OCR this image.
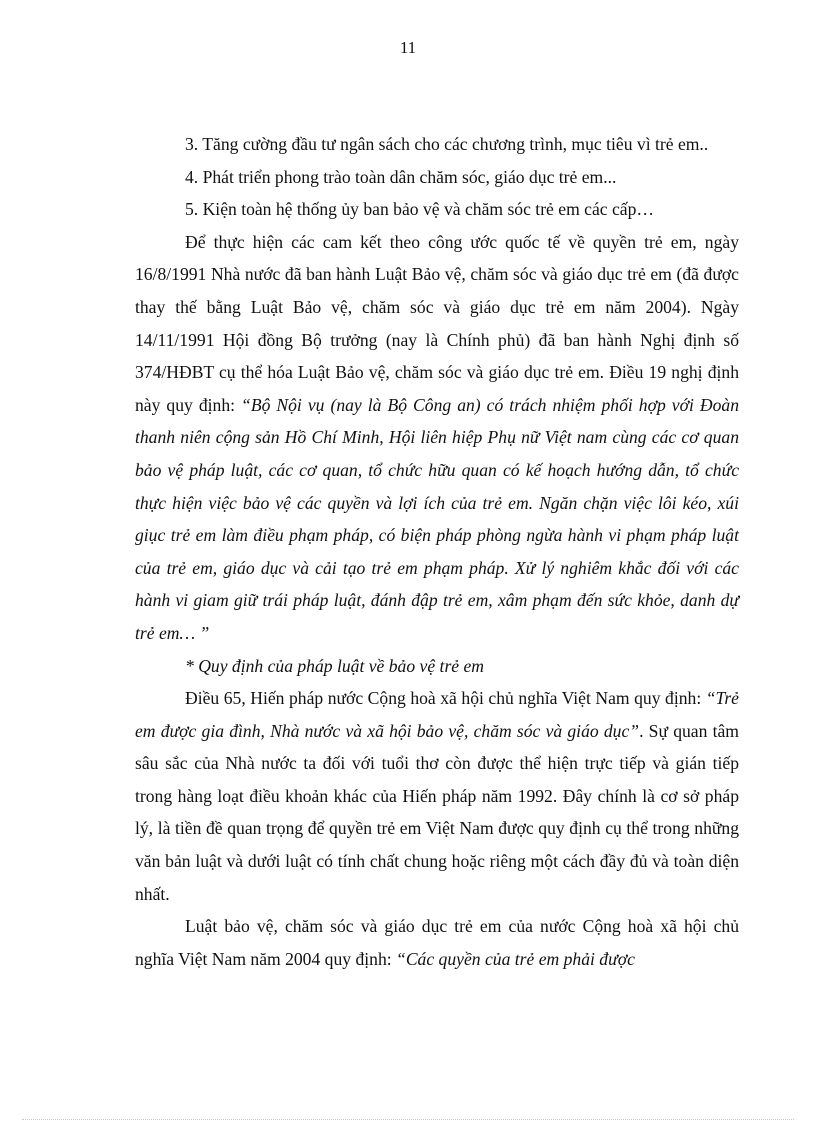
11

3. Tăng cường đầu tư ngân sách cho các chương trình, mục tiêu vì trẻ em..

4. Phát triển phong trào toàn dân chăm sóc, giáo dục trẻ em...

5. Kiện toàn hệ thống ủy ban bảo vệ và chăm sóc trẻ em các cấp…

Để thực hiện các cam kết theo công ước quốc tế về quyền trẻ em, ngày 16/8/1991 Nhà nước đã ban hành Luật Bảo vệ, chăm sóc và giáo dục trẻ em (đã được thay thế bằng Luật Bảo vệ, chăm sóc và giáo dục trẻ em năm 2004). Ngày 14/11/1991 Hội đồng Bộ trưởng (nay là Chính phủ) đã ban hành Nghị định số 374/HĐBT cụ thể hóa Luật Bảo vệ, chăm sóc và giáo dục trẻ em. Điều 19 nghị định này quy định: “Bộ Nội vụ (nay là Bộ Công an) có trách nhiệm phối hợp với Đoàn thanh niên cộng sản Hồ Chí Minh, Hội liên hiệp Phụ nữ Việt nam cùng các cơ quan bảo vệ pháp luật, các cơ quan, tổ chức hữu quan có kế hoạch hướng dẫn, tổ chức thực hiện việc bảo vệ các quyền và lợi ích của trẻ em. Ngăn chặn việc lôi kéo, xúi giục trẻ em làm điều phạm pháp, có biện pháp phòng ngừa hành vi phạm pháp luật của trẻ em, giáo dục và cải tạo trẻ em phạm pháp. Xử lý nghiêm khắc đối với các hành vi giam giữ trái pháp luật, đánh đập trẻ em, xâm phạm đến sức khỏe, danh dự trẻ em… ”

* Quy định của pháp luật về bảo vệ trẻ em

Điều 65, Hiến pháp nước Cộng hoà xã hội chủ nghĩa Việt Nam quy định: “Trẻ em được gia đình, Nhà nước và xã hội bảo vệ, chăm sóc và giáo dục”. Sự quan tâm sâu sắc của Nhà nước ta đối với tuổi thơ còn được thể hiện trực tiếp và gián tiếp trong hàng loạt điều khoản khác của Hiến pháp năm 1992. Đây chính là cơ sở pháp lý, là tiền đề quan trọng để quyền trẻ em Việt Nam được quy định cụ thể trong những văn bản luật và dưới luật có tính chất chung hoặc riêng một cách đầy đủ và toàn diện nhất.

Luật bảo vệ, chăm sóc và giáo dục trẻ em của nước Cộng hoà xã hội chủ nghĩa Việt Nam năm 2004 quy định: “Các quyền của trẻ em phải được
